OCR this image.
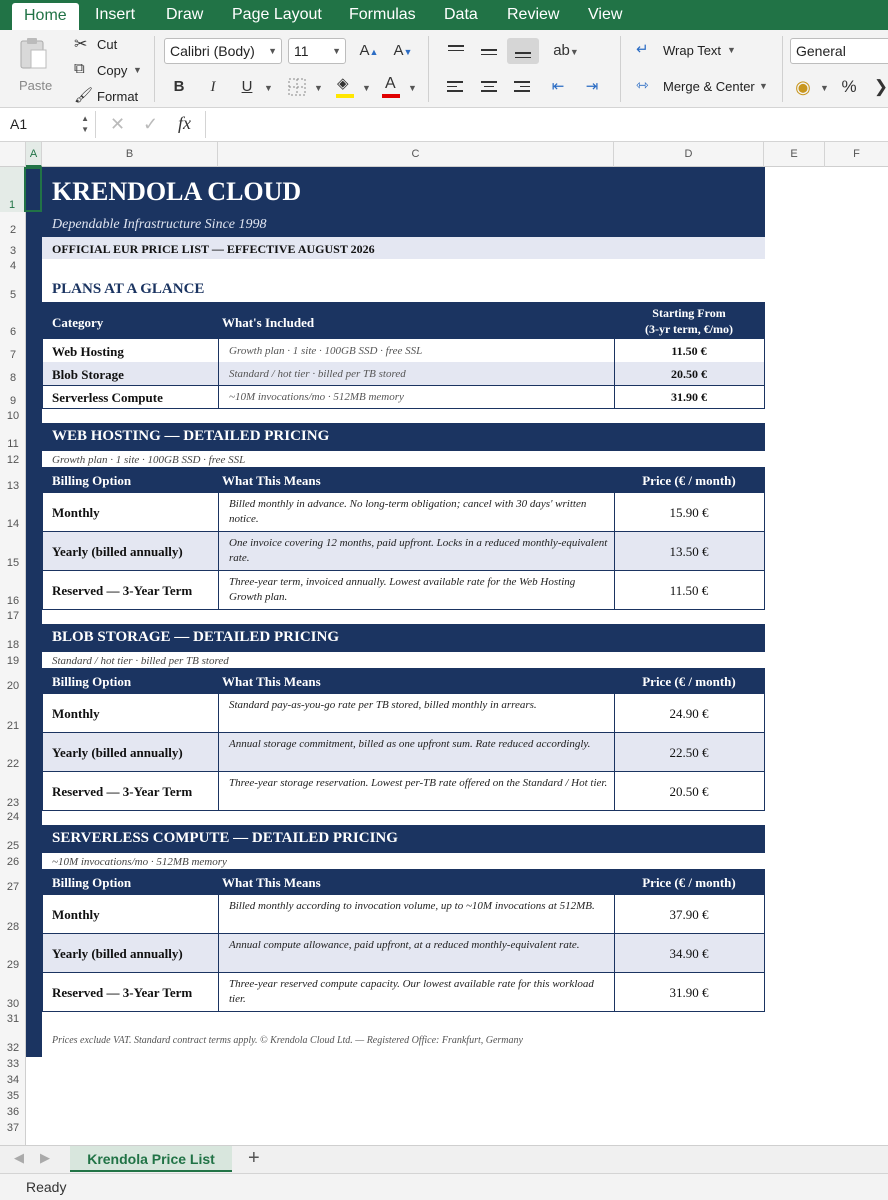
Home	Insert Draw Page Layout Formulas Data Review View
Paste
✂ Cut
⧉ Copy ▼
🖌 Format
Calibri (Body) ▼	11	▼ A▲ A▼
B	I	U	▼	▼ ◈ ▼ A ▼
ab▼
⇤	⇥
↵ Wrap Text ▼
⇿ Merge & Center ▼
General
◉	▼ %	❯
A1	▲
▼ ✕ ✓ fx
A	B	C	D	E	F
1
2
3
4
5
6
7
8
9
10
11
12
13
14
15
16
17
18
19
20
21
22
23
24
25
26
27
28
29
30
31
32
33
34
35
36
37
KRENDOLA CLOUD
Dependable Infrastructure Since 1998
OFFICIAL EUR PRICE LIST — EFFECTIVE AUGUST 2026
PLANS AT A GLANCE
Category	What's Included
Starting From
(3-yr term, €/mo)
Web Hosting	Growth plan · 1 site · 100GB SSD · free SSL	11.50 €
Blob Storage	Standard / hot tier · billed per TB stored	20.50 €
Serverless Compute	~10M invocations/mo · 512MB memory	31.90 €
WEB HOSTING — DETAILED PRICING
Growth plan · 1 site · 100GB SSD · free SSL
Billing Option	What This Means	Price (€ / month)
Monthly
Billed monthly in advance. No long-term obligation; cancel with 30 days' written notice.	15.90 €
Yearly (billed annually)
One invoice covering 12 months, paid upfront. Locks in a reduced monthly-equivalent rate.	13.50 €
Reserved — 3-Year Term
Three-year term, invoiced annually. Lowest available rate for the Web Hosting Growth plan.	11.50 €
BLOB STORAGE — DETAILED PRICING
Standard / hot tier · billed per TB stored
Billing Option	What This Means	Price (€ / month)
Monthly
Standard pay-as-you-go rate per TB stored, billed monthly in arrears.
24.90 €
Yearly (billed annually)
Annual storage commitment, billed as one upfront sum. Rate reduced accordingly.
22.50 €
Reserved — 3-Year Term
Three-year storage reservation. Lowest per-TB rate offered on the Standard / Hot tier.
20.50 €
SERVERLESS COMPUTE — DETAILED PRICING
~10M invocations/mo · 512MB memory
Billing Option	What This Means	Price (€ / month)
Monthly
Billed monthly according to invocation volume, up to ~10M invocations at 512MB.
37.90 €
Yearly (billed annually)
Annual compute allowance, paid upfront, at a reduced monthly-equivalent rate.
34.90 €
Reserved — 3-Year Term
Three-year reserved compute capacity. Our lowest available rate for this workload tier.	31.90 €
Prices exclude VAT. Standard contract terms apply. © Krendola Cloud Ltd. — Registered Office: Frankfurt, Germany
◀ ▶	Krendola Price List	+
Ready
